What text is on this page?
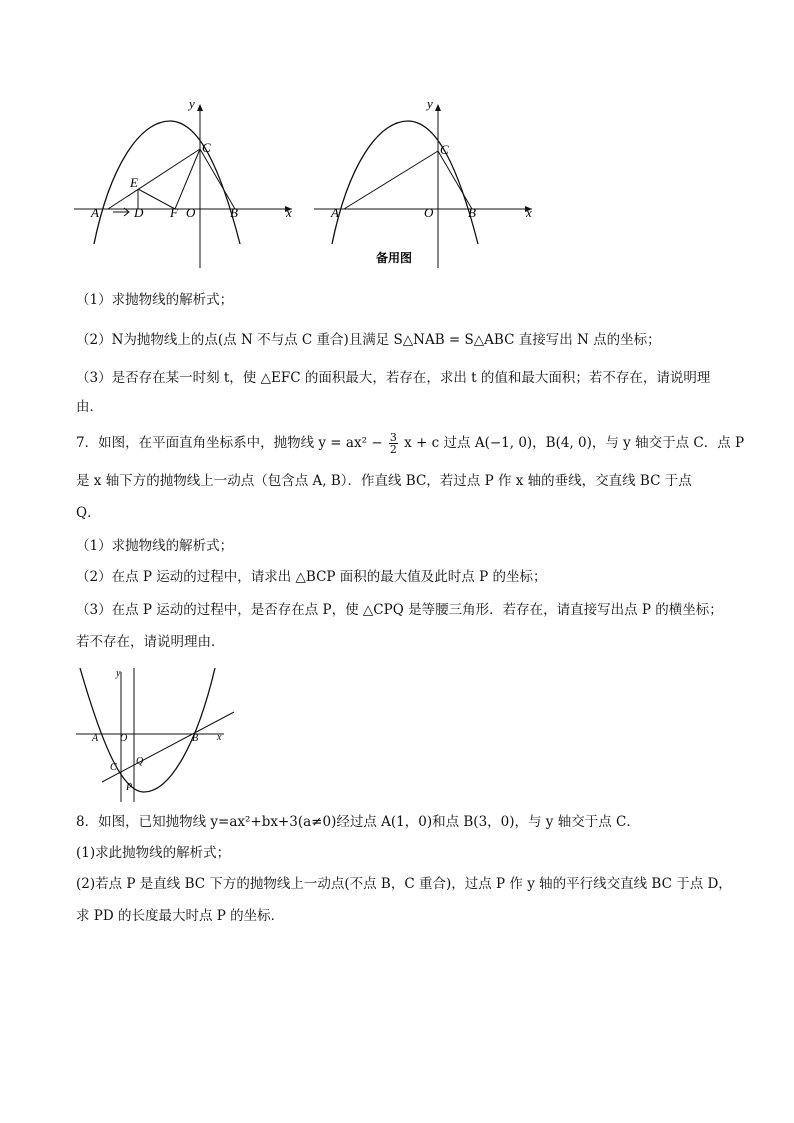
y
x
C
E
A	D F O	B
y
x
C
A	O	B
备用图
（1）求抛物线的解析式；
（2）N为抛物线上的点(点 N 不与点 C 重合)且满足 S△NAB = S△ABC 直接写出 N 点的坐标；
（3）是否存在某一时刻 t，使 △EFC 的面积最大，若存在，求出 t 的值和最大面积；若不存在，请说明理
由．
7．如图，在平面直角坐标系中，抛物线 $y = ax^2 - \frac{3}{2}$ x + c 过点 A(−1, 0)，B(4, 0)，与 y 轴交于点 C．点 P
是 x 轴下方的抛物线上一动点（包含点 A, B）．作直线 BC，若过点 P 作 x 轴的垂线，交直线 BC 于点
Q．
（1）求抛物线的解析式；
（2）在点 P 运动的过程中，请求出 △BCP 面积的最大值及此时点 P 的坐标；
（3）在点 P 运动的过程中，是否存在点 P，使 △CPQ 是等腰三角形．若存在，请直接写出点 P 的横坐标；
若不存在，请说明理由．
y
x
A O	B
C
Q
P
8．如图，已知抛物线 y=ax²+bx+3(a≠0)经过点 A(1，0)和点 B(3，0)，与 y 轴交于点 C．
(1)求此抛物线的解析式；
(2)若点 P 是直线 BC 下方的抛物线上一动点(不点 B，C 重合)，过点 P 作 y 轴的平行线交直线 BC 于点 D，
求 PD 的长度最大时点 P 的坐标．
